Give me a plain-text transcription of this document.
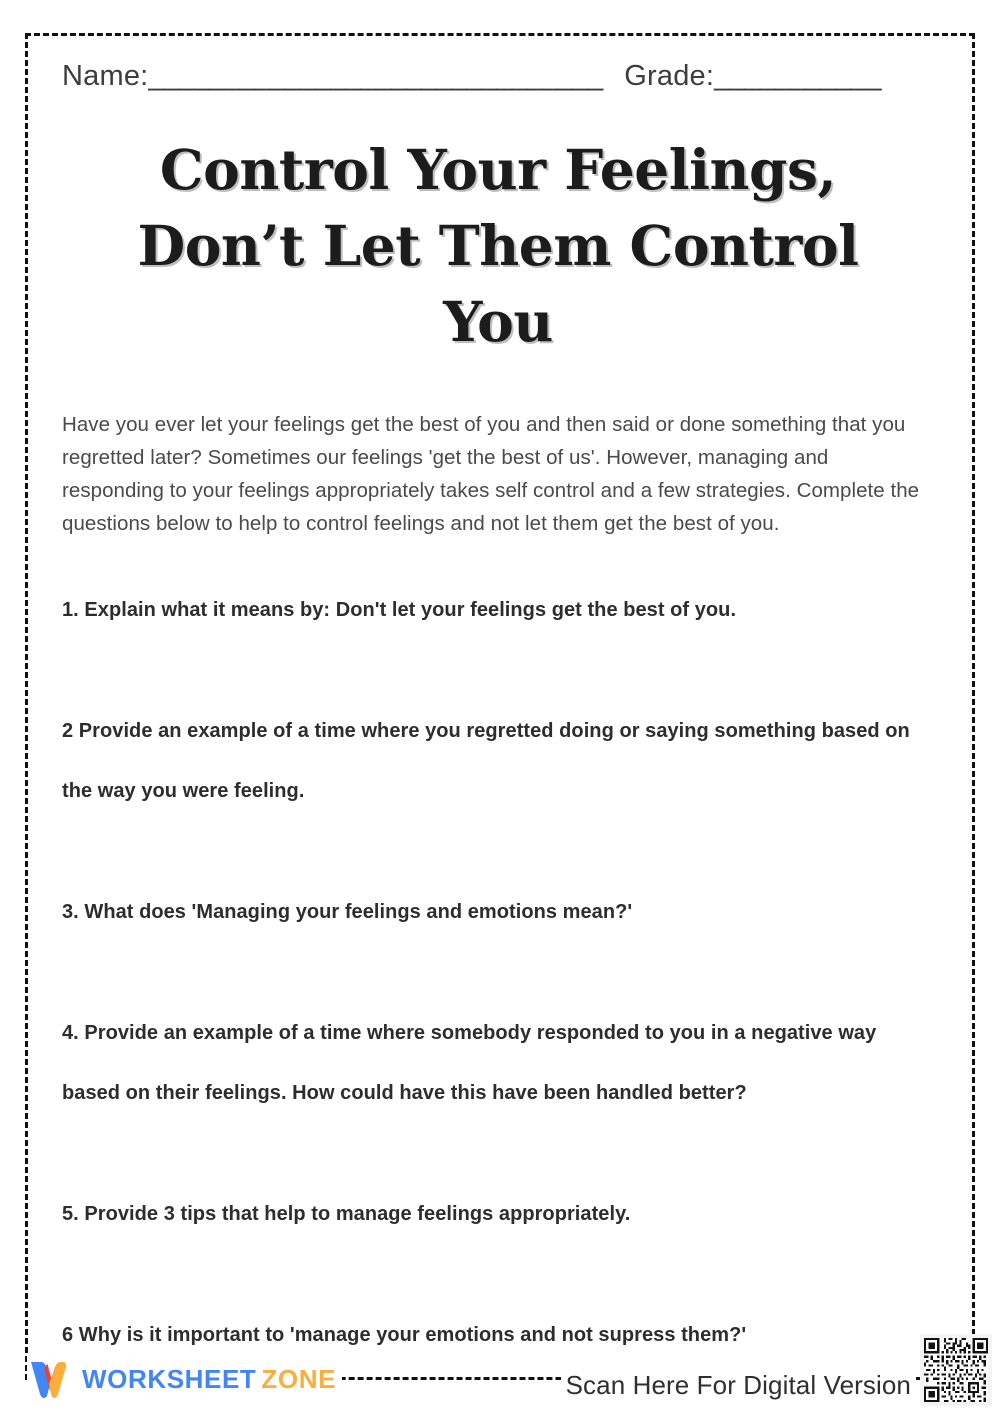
Name: ______________________________ Grade: ___________
Control Your Feelings, Don’t Let Them Control You

Have you ever let your feelings get the best of you and then said or done something that you regretted later? Sometimes our feelings 'get the best of us'. However, managing and responding to your feelings appropriately takes self control and a few strategies. Complete the questions below to help to control feelings and not let them get the best of you.

1. Explain what it means by: Don't let your feelings get the best of you.
2 Provide an example of a time where you regretted doing or saying something based on the way you were feeling.
3. What does 'Managing your feelings and emotions mean?'
4. Provide an example of a time where somebody responded to you in a negative way based on their feelings. How could have this have been handled better?
5. Provide 3 tips that help to manage feelings appropriately.
6 Why is it important to 'manage your emotions and not supress them?'
WORKSHEET ZONE	Scan Here For Digital Version
